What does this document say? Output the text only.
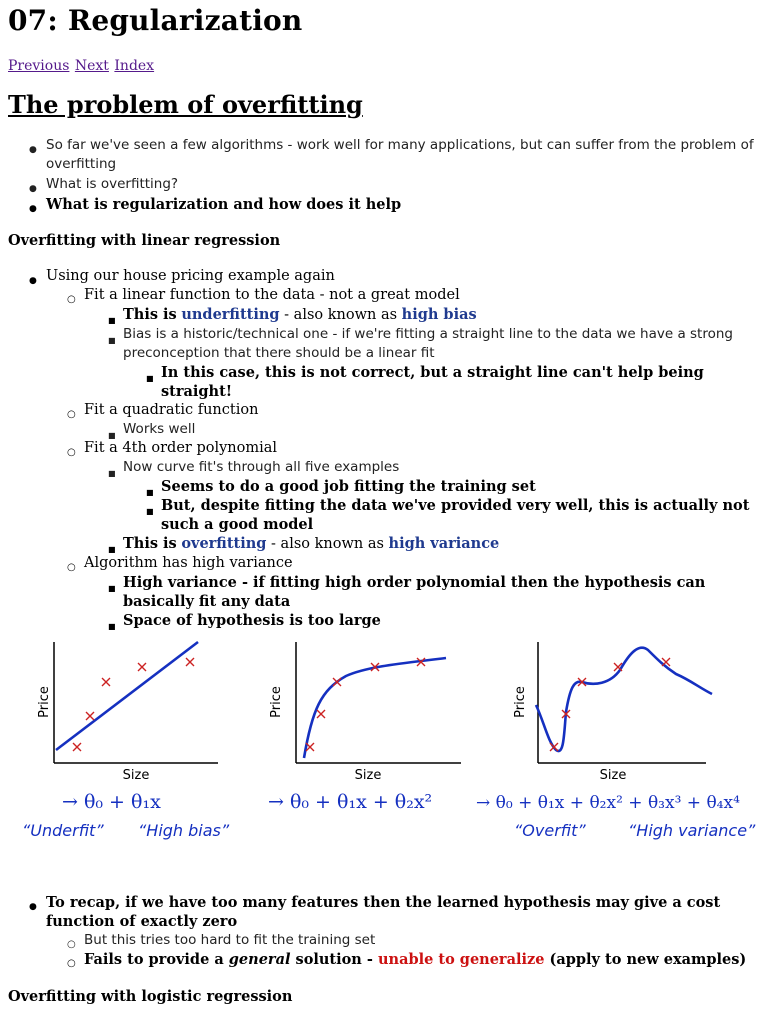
07: Regularization
Previous Next Index
The problem of overfitting
● So far we've seen a few algorithms - work well for many applications, but can suffer from the problem of overfitting
● What is overfitting?
● What is regularization and how does it help
Overfitting with linear regression
● Using our house pricing example again
○ Fit a linear function to the data - not a great model
■ This is underfitting - also known as high bias
■ Bias is a historic/technical one - if we're fitting a straight line to the data we have a strong preconception that there should be a linear fit
■ In this case, this is not correct, but a straight line can't help being straight!
○ Fit a quadratic function
■ Works well
○ Fit a 4th order polynomial
■ Now curve fit's through all five examples
■ Seems to do a good job fitting the training set
■ But, despite fitting the data we've provided very well, this is actually not such a good model
■ This is overfitting - also known as high variance
○ Algorithm has high variance
■ High variance - if fitting high order polynomial then the hypothesis can basically fit any data
■ Space of hypothesis is too large
Price
Size
→ θ₀ + θ₁x
“Underfit” “High bias”
Price
Size
→ θ₀ + θ₁x + θ₂x²
Price
Size
→ θ₀ + θ₁x + θ₂x² + θ₃x³ + θ₄x⁴
“Overfit”	“High variance”
● To recap, if we have too many features then the learned hypothesis may give a cost function of exactly zero
○ But this tries too hard to fit the training set
○ Fails to provide a general solution - unable to generalize (apply to new examples)
Overfitting with logistic regression
